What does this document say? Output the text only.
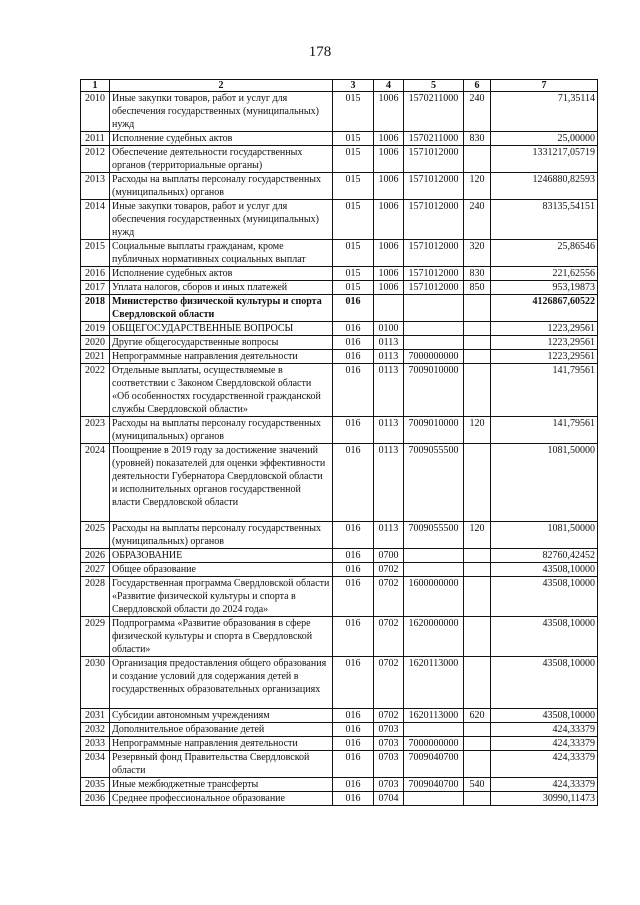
178
1	2	3	4	5	6	7
2010	Иные закупки товаров, работ и услуг для обеспечения государственных (муниципальных) нужд	015	1006	1570211000	240	71,35114
2011	Исполнение судебных актов	015	1006	1570211000	830	25,00000
2012	Обеспечение деятельности государственных органов (территориальные органы)	015	1006	1571012000		1331217,05719
2013	Расходы на выплаты персоналу государственных (муниципальных) органов	015	1006	1571012000	120	1246880,82593
2014	Иные закупки товаров, работ и услуг для обеспечения государственных (муниципальных) нужд	015	1006	1571012000	240	83135,54151
2015	Социальные выплаты гражданам, кроме публичных нормативных социальных выплат	015	1006	1571012000	320	25,86546
2016	Исполнение судебных актов	015	1006	1571012000	830	221,62556
2017	Уплата налогов, сборов и иных платежей	015	1006	1571012000	850	953,19873
2018	Министерство физической культуры и спорта Свердловской области	016				4126867,60522
2019	ОБЩЕГОСУДАРСТВЕННЫЕ ВОПРОСЫ	016	0100			1223,29561
2020	Другие общегосударственные вопросы	016	0113			1223,29561
2021	Непрограммные направления деятельности	016	0113	7000000000		1223,29561
2022	Отдельные выплаты, осуществляемые в соответствии с Законом Свердловской области «Об особенностях государственной гражданской службы Свердловской области»	016	0113	7009010000		141,79561
2023	Расходы на выплаты персоналу государственных (муниципальных) органов	016	0113	7009010000	120	141,79561
2024	Поощрение в 2019 году за достижение значений (уровней) показателей для оценки эффективности деятельности Губернатора Свердловской области и исполнительных органов государственной власти Свердловской области	016	0113	7009055500		1081,50000
2025	Расходы на выплаты персоналу государственных (муниципальных) органов	016	0113	7009055500	120	1081,50000
2026	ОБРАЗОВАНИЕ	016	0700			82760,42452
2027	Общее образование	016	0702			43508,10000
2028	Государственная программа Свердловской области «Развитие физической культуры и спорта в Свердловской области до 2024 года»	016	0702	1600000000		43508,10000
2029	Подпрограмма «Развитие образования в сфере физической культуры и спорта в Свердловской области»	016	0702	1620000000		43508,10000
2030	Организация предоставления общего образования и создание условий для содержания детей в государственных образовательных организациях	016	0702	1620113000		43508,10000
2031	Субсидии автономным учреждениям	016	0702	1620113000	620	43508,10000
2032	Дополнительное образование детей	016	0703			424,33379
2033	Непрограммные направления деятельности	016	0703	7000000000		424,33379
2034	Резервный фонд Правительства Свердловской области	016	0703	7009040700		424,33379
2035	Иные межбюджетные трансферты	016	0703	7009040700	540	424,33379
2036	Среднее профессиональное образование	016	0704			30990,11473
